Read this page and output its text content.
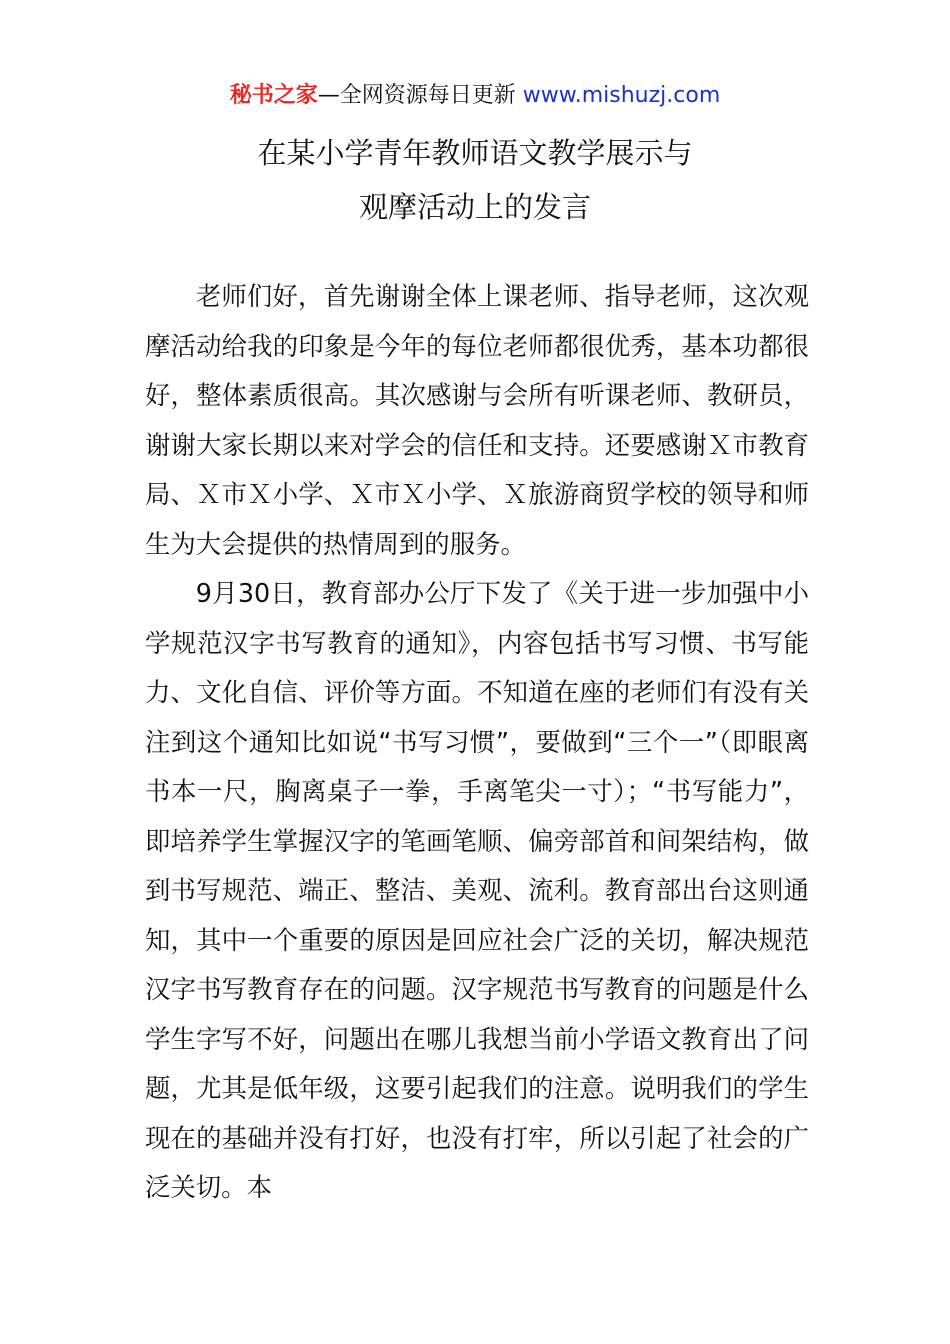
秘书之家—全网资源每日更新 www.mishuzj.com
在某小学青年教师语文教学展示与
观摩活动上的发言

老师们好，首先谢谢全体上课老师、指导老师，这次观摩活动给我的印象是今年的每位老师都很优秀，基本功都很好，整体素质很高。其次感谢与会所有听课老师、教研员，谢谢大家长期以来对学会的信任和支持。还要感谢Ｘ市教育局、Ｘ市Ｘ小学、Ｘ市Ｘ小学、Ｘ旅游商贸学校的领导和师生为大会提供的热情周到的服务。

9月30日，教育部办公厅下发了《关于进一步加强中小学规范汉字书写教育的通知》，内容包括书写习惯、书写能力、文化自信、评价等方面。不知道在座的老师们有没有关注到这个通知比如说“书写习惯”，要做到“三个一”（即眼离书本一尺，胸离桌子一拳，手离笔尖一寸）；“书写能力”，即培养学生掌握汉字的笔画笔顺、偏旁部首和间架结构，做到书写规范、端正、整洁、美观、流利。教育部出台这则通知，其中一个重要的原因是回应社会广泛的关切，解决规范汉字书写教育存在的问题。汉字规范书写教育的问题是什么学生字写不好，问题出在哪儿我想当前小学语文教育出了问题，尤其是低年级，这要引起我们的注意。说明我们的学生现在的基础并没有打好，也没有打牢，所以引起了社会的广泛关切。本
